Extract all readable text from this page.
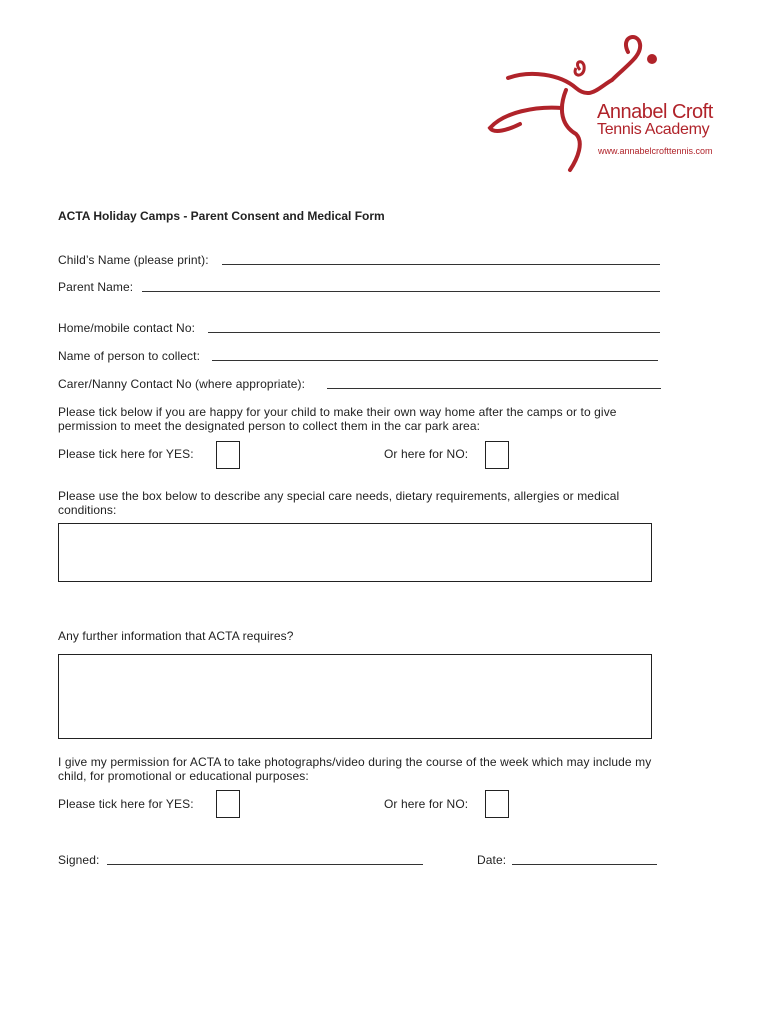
Annabel Croft
Tennis Academy
www.annabelcrofttennis.com
ACTA Holiday Camps - Parent Consent and Medical Form
Child’s Name (please print):
Parent Name:
Home/mobile contact No:
Name of person to collect:
Carer/Nanny Contact No (where appropriate):
Please tick below if you are happy for your child to make their own way home after the camps or to give permission to meet the designated person to collect them in the car park area:
Please tick here for YES:	Or here for NO:
Please use the box below to describe any special care needs, dietary requirements, allergies or medical conditions:
Any further information that ACTA requires?
I give my permission for ACTA to take photographs/video during the course of the week which may include my child, for promotional or educational purposes:
Please tick here for YES:	Or here for NO:
Signed:	Date:
